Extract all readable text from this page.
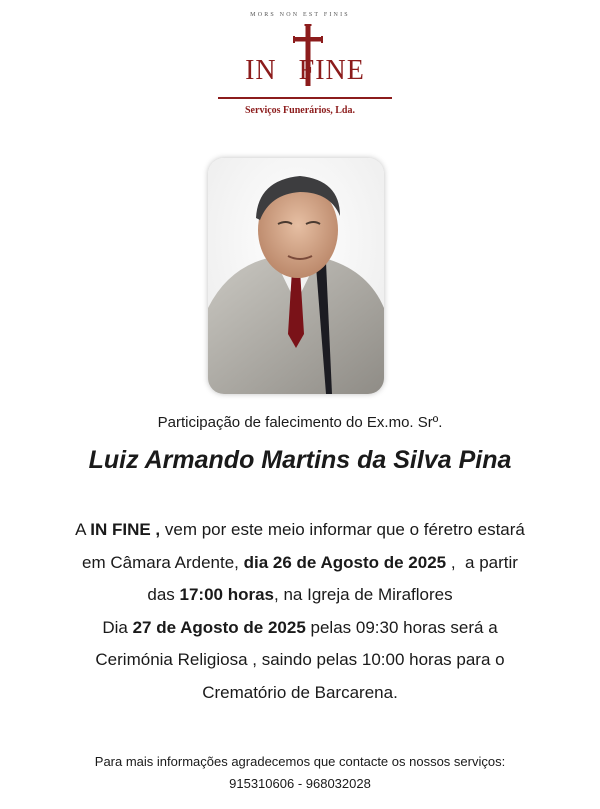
MORS NON EST FINIS
IN FINE
Serviços Funerários, Lda.
Participação de falecimento do Ex.mo. Srº.
Luiz Armando Martins da Silva Pina
A IN FINE , vem por este meio informar que o féretro estará
em Câmara Ardente, dia 26 de Agosto de 2025 ,  a partir
das 17:00 horas, na Igreja de Miraflores
Dia 27 de Agosto de 2025 pelas 09:30 horas será a
Cerimónia Religiosa , saindo pelas 10:00 horas para o
Crematório de Barcarena.
Para mais informações agradecemos que contacte os nossos serviços:
915310606 - 968032028
